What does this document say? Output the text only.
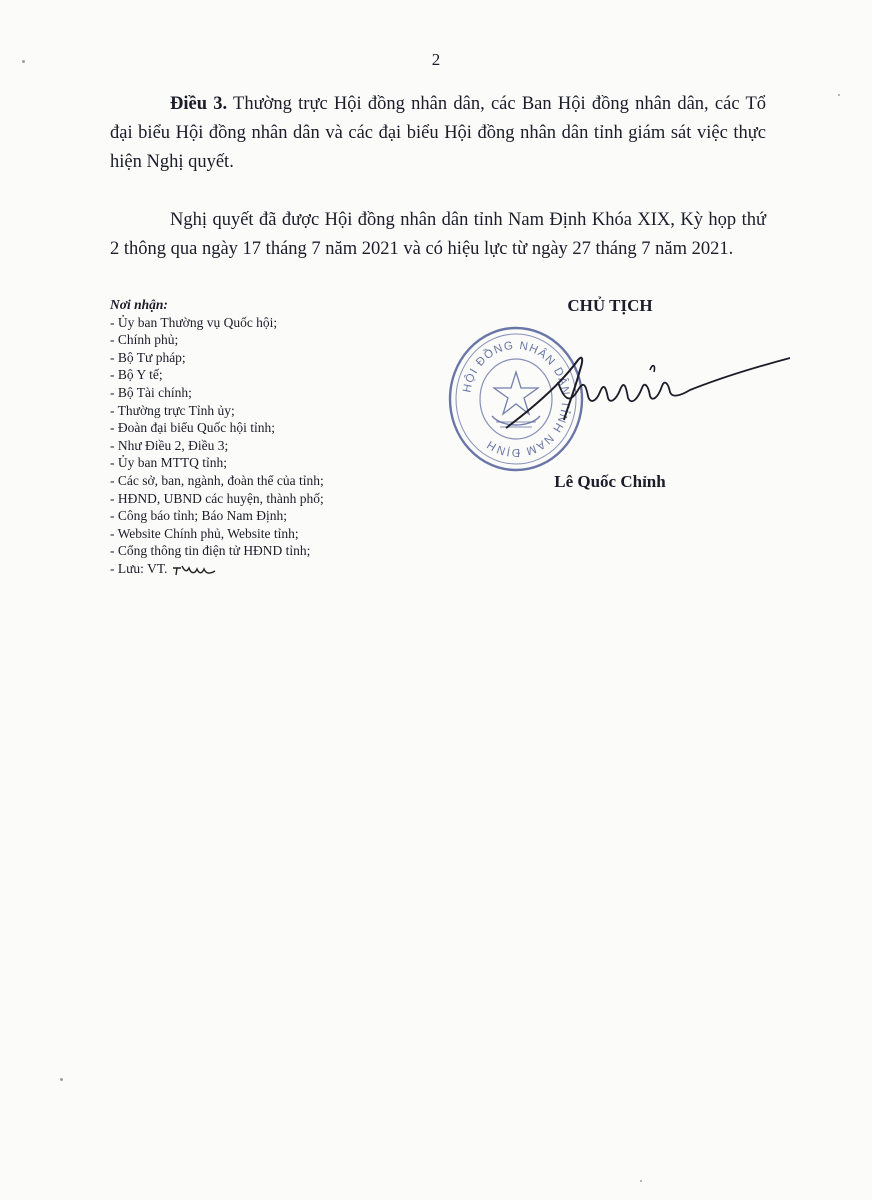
2

Điều 3. Thường trực Hội đồng nhân dân, các Ban Hội đồng nhân dân, các Tổ đại biểu Hội đồng nhân dân và các đại biểu Hội đồng nhân dân tỉnh giám sát việc thực hiện Nghị quyết.

Nghị quyết đã được Hội đồng nhân dân tỉnh Nam Định Khóa XIX, Kỳ họp thứ 2 thông qua ngày 17 tháng 7 năm 2021 và có hiệu lực từ ngày 27 tháng 7 năm 2021.

Nơi nhận:
- Ủy ban Thường vụ Quốc hội;
- Chính phủ;
- Bộ Tư pháp;
- Bộ Y tế;
- Bộ Tài chính;
- Thường trực Tỉnh ủy;
- Đoàn đại biểu Quốc hội tỉnh;
- Như Điều 2, Điều 3;
- Ủy ban MTTQ tỉnh;
- Các sở, ban, ngành, đoàn thể của tỉnh;
- HĐND, UBND các huyện, thành phố;
- Công báo tỉnh; Báo Nam Định;
- Website Chính phủ, Website tỉnh;
- Cổng thông tin điện tử HĐND tỉnh;
- Lưu: VT.
CHỦ TỊCH
HỘI ĐỒNG NHÂN DÂN TỈNH NAM ĐỊNH
Lê Quốc Chỉnh
